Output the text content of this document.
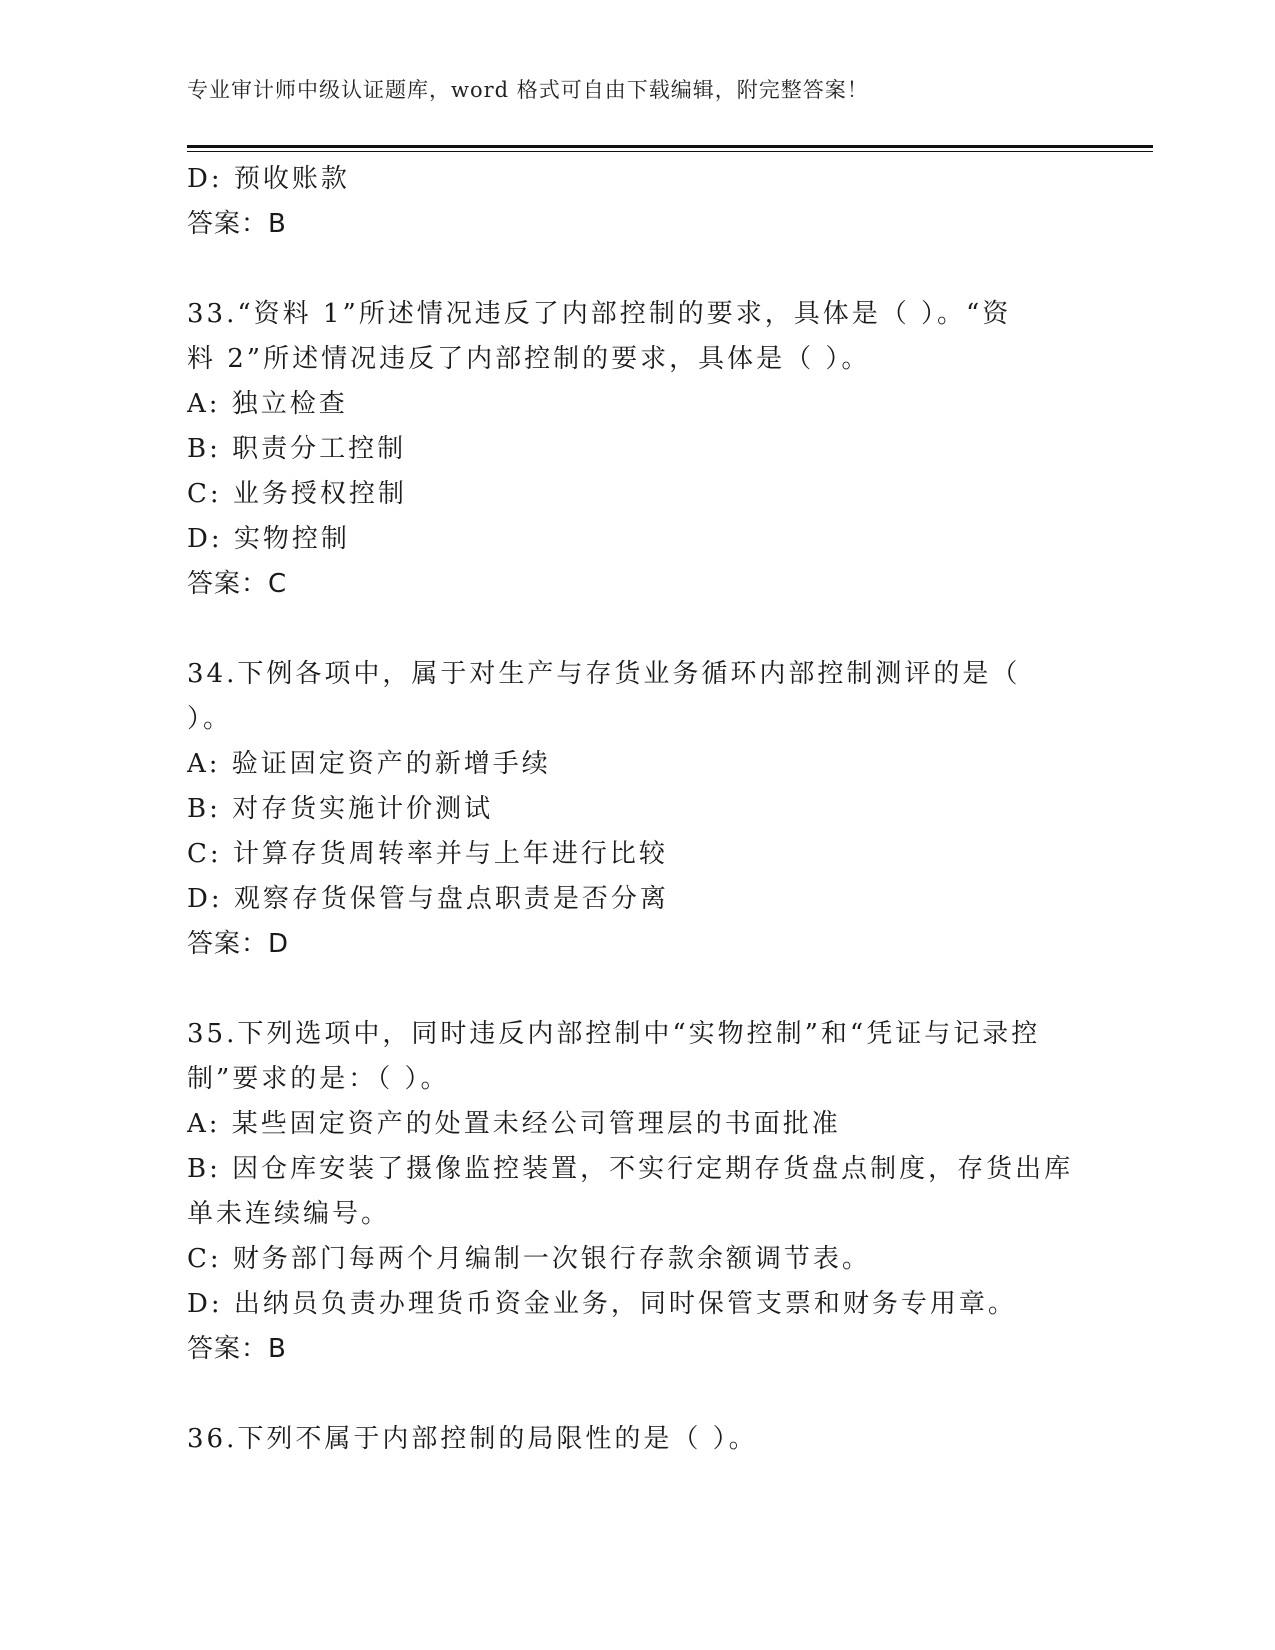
专业审计师中级认证题库，word 格式可自由下载编辑，附完整答案！
D: 预收账款
答案：B
33.“资料 1”所述情况违反了内部控制的要求，具体是（ ）。“资
料 2”所述情况违反了内部控制的要求，具体是（ ）。
A: 独立检查
B: 职责分工控制
C: 业务授权控制
D: 实物控制
答案：C
34.下例各项中，属于对生产与存货业务循环内部控制测评的是（
）。
A: 验证固定资产的新增手续
B: 对存货实施计价测试
C: 计算存货周转率并与上年进行比较
D: 观察存货保管与盘点职责是否分离
答案：D
35.下列选项中，同时违反内部控制中“实物控制”和“凭证与记录控
制”要求的是：（ ）。
A: 某些固定资产的处置未经公司管理层的书面批准
B: 因仓库安装了摄像监控装置，不实行定期存货盘点制度，存货出库
单未连续编号。
C: 财务部门每两个月编制一次银行存款余额调节表。
D: 出纳员负责办理货币资金业务，同时保管支票和财务专用章。
答案：B
36.下列不属于内部控制的局限性的是（ ）。
